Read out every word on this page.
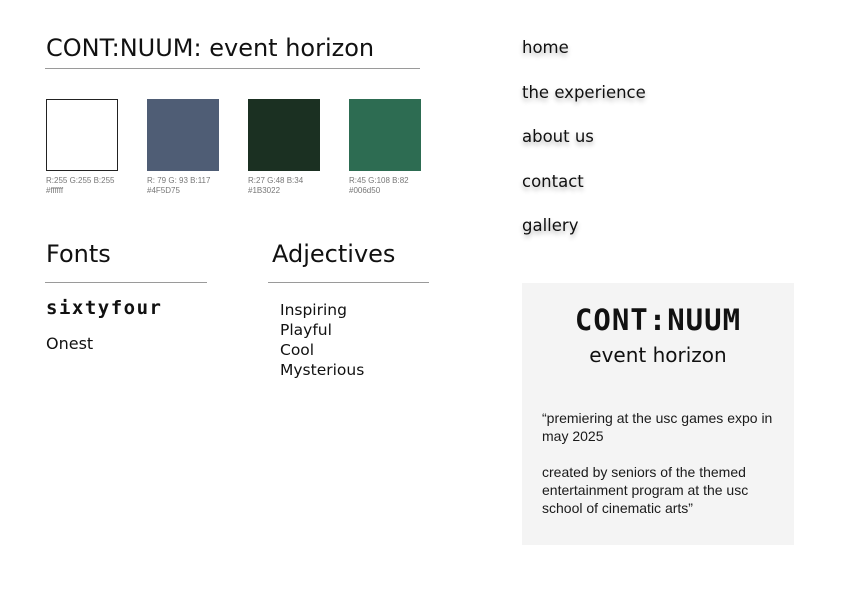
CONT:NUUM: event horizon
R:255 G:255 B:255
#ffffff
R: 79 G: 93 B:117
#4F5D75
R:27 G:48 B:34
#1B3022
R:45 G:108 B:82
#006d50
Fonts
sixtyfour
Onest
Adjectives
Inspiring
Playful
Cool
Mysterious
home
the experience
about us
contact
gallery
CONT:NUUM
event horizon

“premiering at the usc games expo in may 2025

created by seniors of the themed entertainment program at the usc school of cinematic arts”
